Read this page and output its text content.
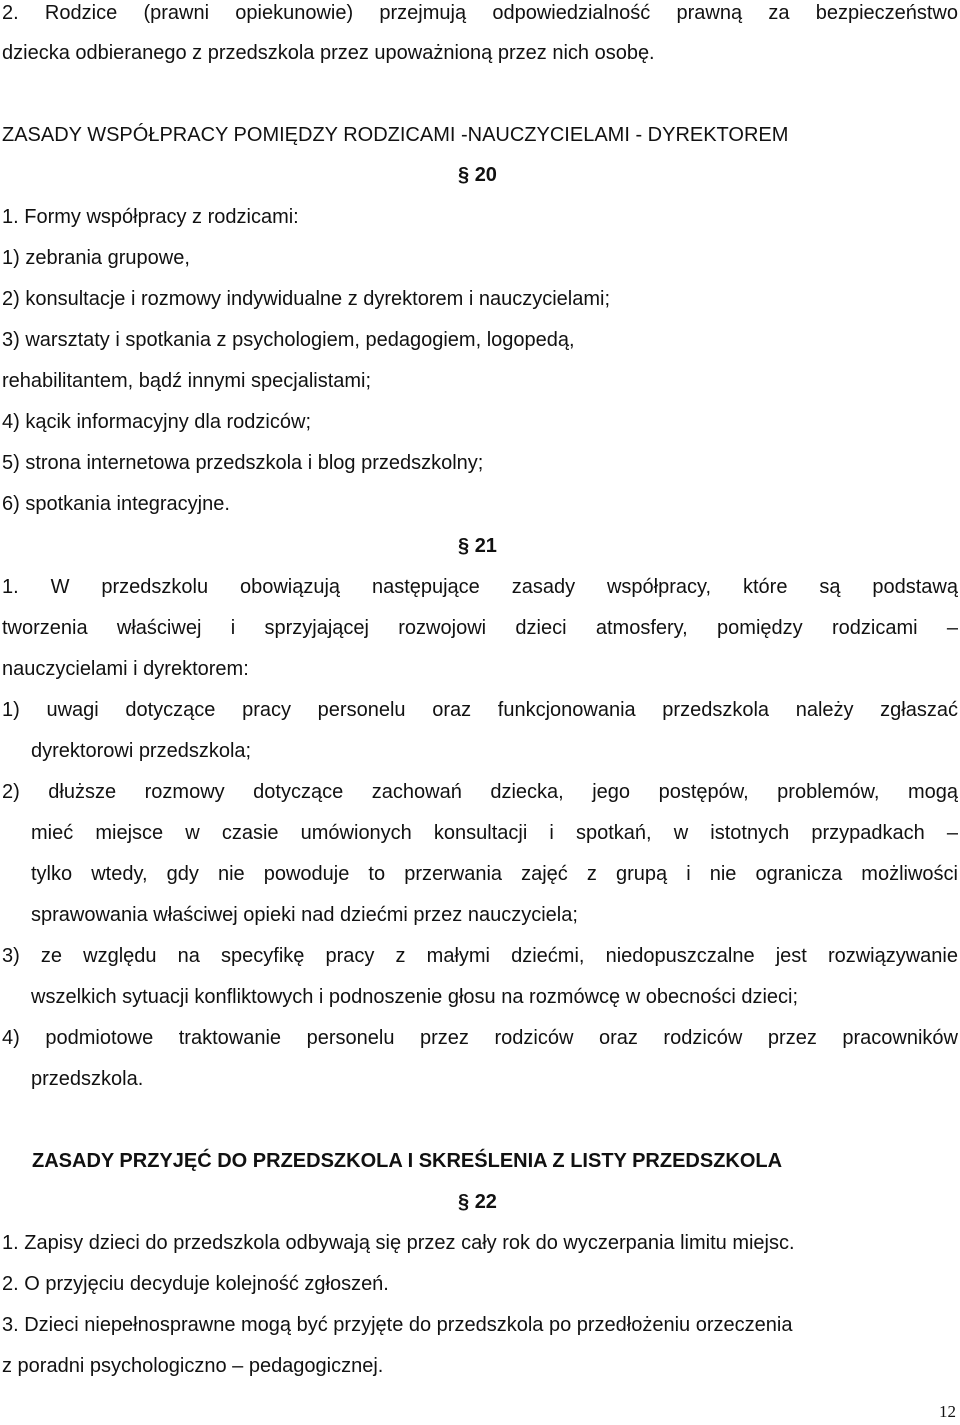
2. Rodzice (prawni opiekunowie) przejmują odpowiedzialność prawną za bezpieczeństwo
dziecka odbieranego z przedszkola przez upoważnioną przez nich osobę.
ZASADY WSPÓŁPRACY POMIĘDZY RODZICAMI -NAUCZYCIELAMI - DYREKTOREM
§ 20
1. Formy współpracy z rodzicami:
1) zebrania grupowe,
2) konsultacje i rozmowy indywidualne z dyrektorem i nauczycielami;
3) warsztaty i spotkania z psychologiem, pedagogiem, logopedą,
rehabilitantem, bądź innymi specjalistami;
4) kącik informacyjny dla rodziców;
5) strona internetowa przedszkola i blog przedszkolny;
6) spotkania integracyjne.
§ 21
1. W przedszkolu obowiązują następujące zasady współpracy, które są podstawą
tworzenia właściwej i sprzyjającej rozwojowi dzieci atmosfery, pomiędzy rodzicami –
nauczycielami i dyrektorem:
1) uwagi dotyczące pracy personelu oraz funkcjonowania przedszkola należy zgłaszać
dyrektorowi przedszkola;
2) dłuższe rozmowy dotyczące zachowań dziecka, jego postępów, problemów, mogą
mieć miejsce w czasie umówionych konsultacji i spotkań, w istotnych przypadkach –
tylko wtedy, gdy nie powoduje to przerwania zajęć z grupą i nie ogranicza możliwości
sprawowania właściwej opieki nad dziećmi przez nauczyciela;
3) ze względu na specyfikę pracy z małymi dziećmi, niedopuszczalne jest rozwiązywanie
wszelkich sytuacji konfliktowych i podnoszenie głosu na rozmówcę w obecności dzieci;
4) podmiotowe traktowanie personelu przez rodziców oraz rodziców przez pracowników
przedszkola.
ZASADY PRZYJĘĆ DO PRZEDSZKOLA I SKREŚLENIA Z LISTY PRZEDSZKOLA
§ 22
1. Zapisy dzieci do przedszkola odbywają się przez cały rok do wyczerpania limitu miejsc.
2. O przyjęciu decyduje kolejność zgłoszeń.
3. Dzieci niepełnosprawne mogą być przyjęte do przedszkola po przedłożeniu orzeczenia
z poradni psychologiczno – pedagogicznej.
12
